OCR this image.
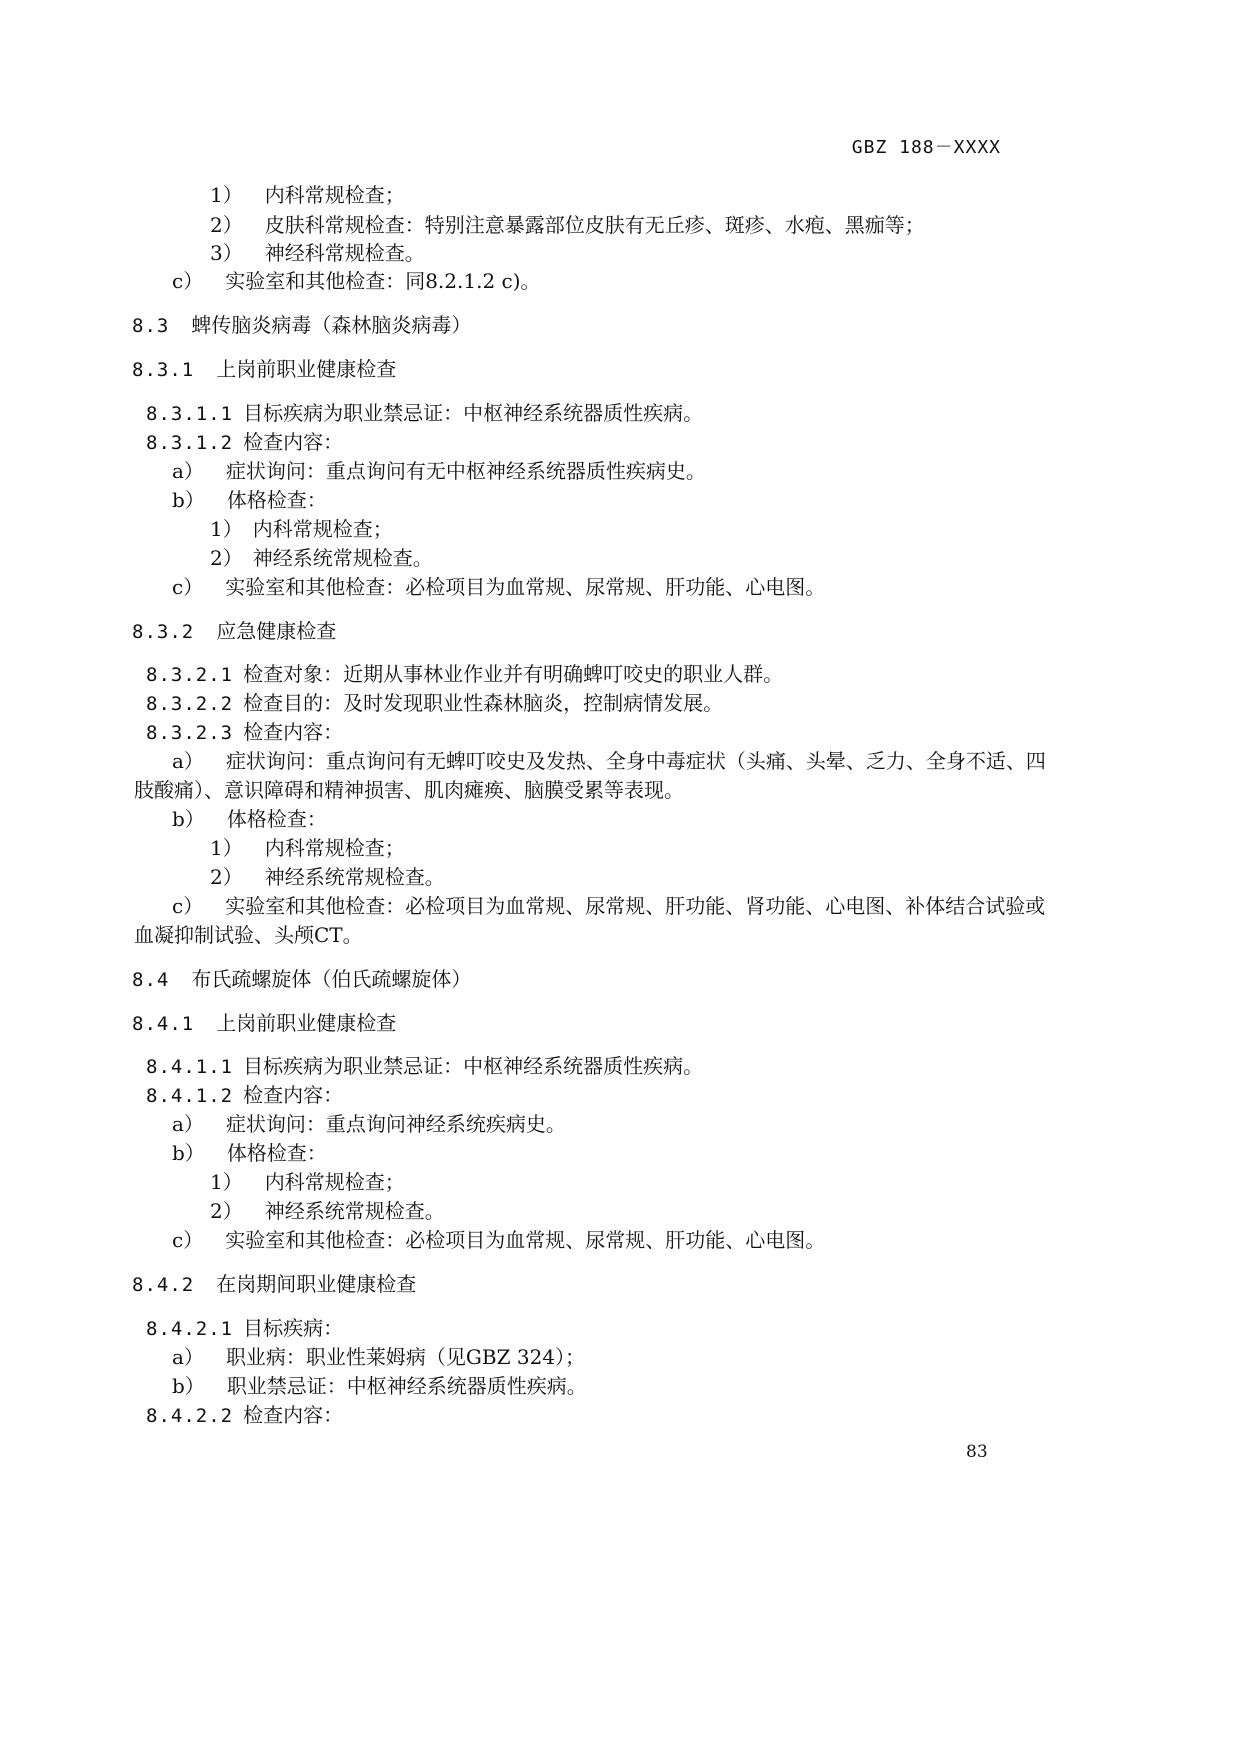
GBZ 188－XXXX
1） 内科常规检查；
2） 皮肤科常规检查：特别注意暴露部位皮肤有无丘疹、斑疹、水疱、黑痂等；
3） 神经科常规检查。
c） 实验室和其他检查：同8.2.1.2 c)。
8.3 蜱传脑炎病毒（森林脑炎病毒）
8.3.1 上岗前职业健康检查
8.3.1.1 目标疾病为职业禁忌证：中枢神经系统器质性疾病。
8.3.1.2 检查内容：
a） 症状询问：重点询问有无中枢神经系统器质性疾病史。
b） 体格检查：
1） 内科常规检查；
2） 神经系统常规检查。
c） 实验室和其他检查：必检项目为血常规、尿常规、肝功能、心电图。
8.3.2 应急健康检查
8.3.2.1 检查对象：近期从事林业作业并有明确蜱叮咬史的职业人群。
8.3.2.2 检查目的：及时发现职业性森林脑炎，控制病情发展。
8.3.2.3 检查内容：
a） 症状询问：重点询问有无蜱叮咬史及发热、全身中毒症状（头痛、头晕、乏力、全身不适、四
肢酸痛）、意识障碍和精神损害、肌肉瘫痪、脑膜受累等表现。
b） 体格检查：
1） 内科常规检查；
2） 神经系统常规检查。
c） 实验室和其他检查：必检项目为血常规、尿常规、肝功能、肾功能、心电图、补体结合试验或
血凝抑制试验、头颅CT。
8.4 布氏疏螺旋体（伯氏疏螺旋体）
8.4.1 上岗前职业健康检查
8.4.1.1 目标疾病为职业禁忌证：中枢神经系统器质性疾病。
8.4.1.2 检查内容：
a） 症状询问：重点询问神经系统疾病史。
b） 体格检查：
1） 内科常规检查；
2） 神经系统常规检查。
c） 实验室和其他检查：必检项目为血常规、尿常规、肝功能、心电图。
8.4.2 在岗期间职业健康检查
8.4.2.1 目标疾病：
a） 职业病：职业性莱姆病（见GBZ 324）；
b） 职业禁忌证：中枢神经系统器质性疾病。
8.4.2.2 检查内容：
83
